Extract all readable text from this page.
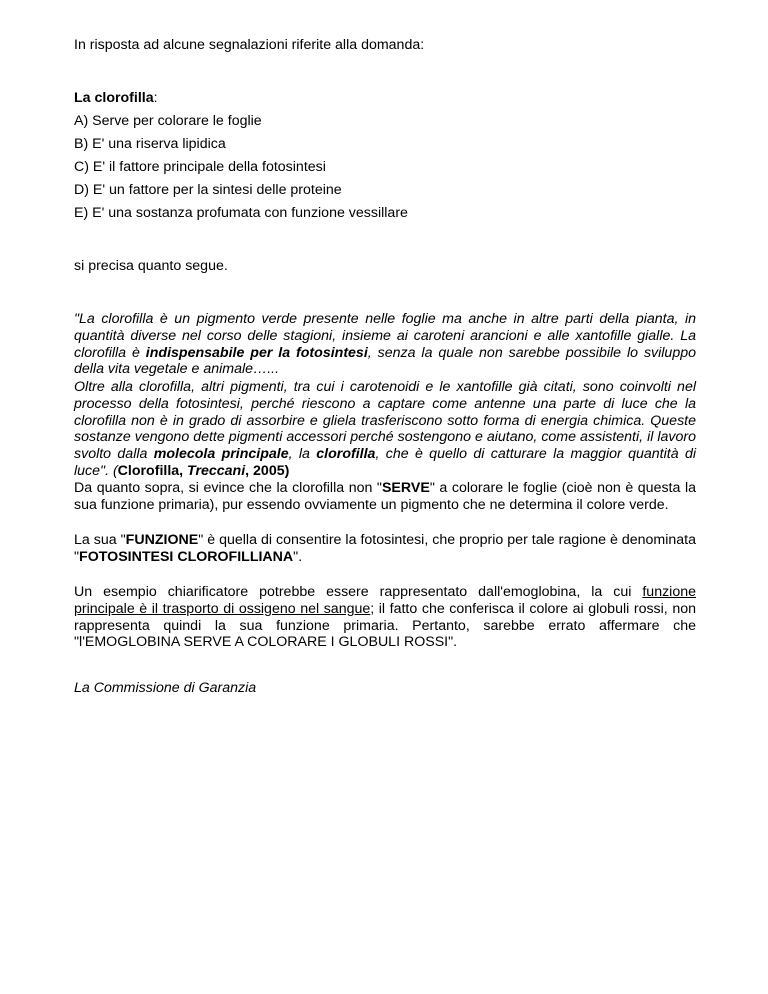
In risposta ad alcune segnalazioni riferite alla domanda:
La clorofilla:
A) Serve per colorare le foglie
B) E' una riserva lipidica
C) E' il fattore principale della fotosintesi
D) E' un fattore per la sintesi delle proteine
E) E' una sostanza profumata con funzione vessillare
si precisa quanto segue.
"La clorofilla è un pigmento verde presente nelle foglie ma anche in altre parti della pianta, in quantità diverse nel corso delle stagioni, insieme ai caroteni arancioni e alle xantofille gialle. La clorofilla è indispensabile per la fotosintesi, senza la quale non sarebbe possibile lo sviluppo della vita vegetale e animale…...
Oltre alla clorofilla, altri pigmenti, tra cui i carotenoidi e le xantofille già citati, sono coinvolti nel processo della fotosintesi, perché riescono a captare come antenne una parte di luce che la clorofilla non è in grado di assorbire e gliela trasferiscono sotto forma di energia chimica. Queste sostanze vengono dette pigmenti accessori perché sostengono e aiutano, come assistenti, il lavoro svolto dalla molecola principale, la clorofilla, che è quello di catturare la maggior quantità di luce". (Clorofilla, Treccani, 2005)
Da quanto sopra, si evince che la clorofilla non "SERVE" a colorare le foglie (cioè non è questa la sua funzione primaria), pur essendo ovviamente un pigmento che ne determina il colore verde.
La sua "FUNZIONE" è quella di consentire la fotosintesi, che proprio per tale ragione è denominata "FOTOSINTESI CLOROFILLIANA".
Un esempio chiarificatore potrebbe essere rappresentato dall'emoglobina, la cui funzione principale è il trasporto di ossigeno nel sangue; il fatto che conferisca il colore ai globuli rossi, non rappresenta quindi la sua funzione primaria. Pertanto, sarebbe errato affermare che "l'EMOGLOBINA SERVE A COLORARE I GLOBULI ROSSI".
La Commissione di Garanzia
